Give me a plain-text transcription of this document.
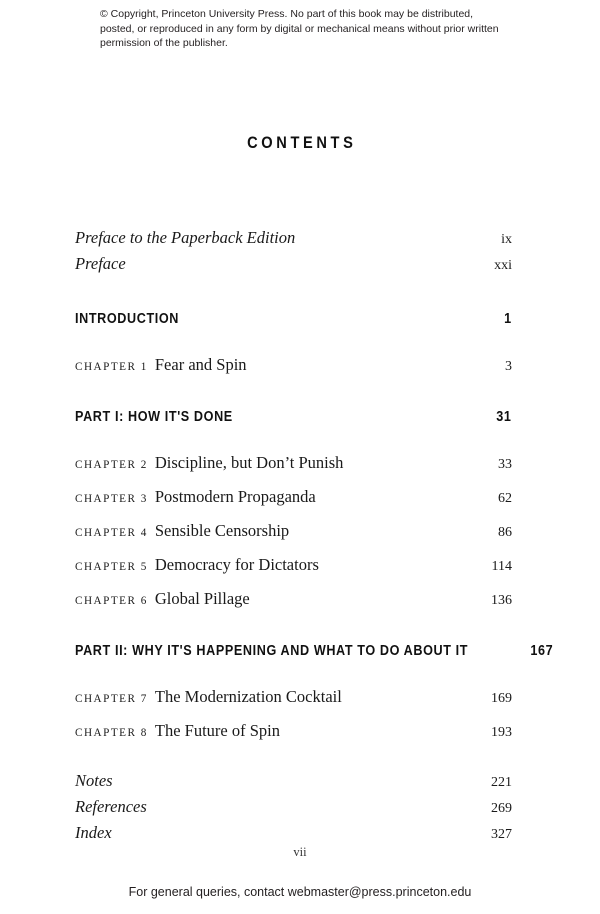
© Copyright, Princeton University Press. No part of this book may be distributed, posted, or reproduced in any form by digital or mechanical means without prior written permission of the publisher.
CONTENTS
Preface to the Paperback Edition	ix
Preface	xxi
INTRODUCTION	1
CHAPTER 1 Fear and Spin	3
PART I: HOW IT'S DONE	31
CHAPTER 2 Discipline, but Don’t Punish	33
CHAPTER 3 Postmodern Propaganda	62
CHAPTER 4 Sensible Censorship	86
CHAPTER 5 Democracy for Dictators	114
CHAPTER 6 Global Pillage	136
PART II: WHY IT'S HAPPENING AND WHAT TO DO ABOUT IT	167
CHAPTER 7 The Modernization Cocktail	169
CHAPTER 8 The Future of Spin	193
Notes	221
References	269
Index	327
vii
For general queries, contact webmaster@press.princeton.edu
